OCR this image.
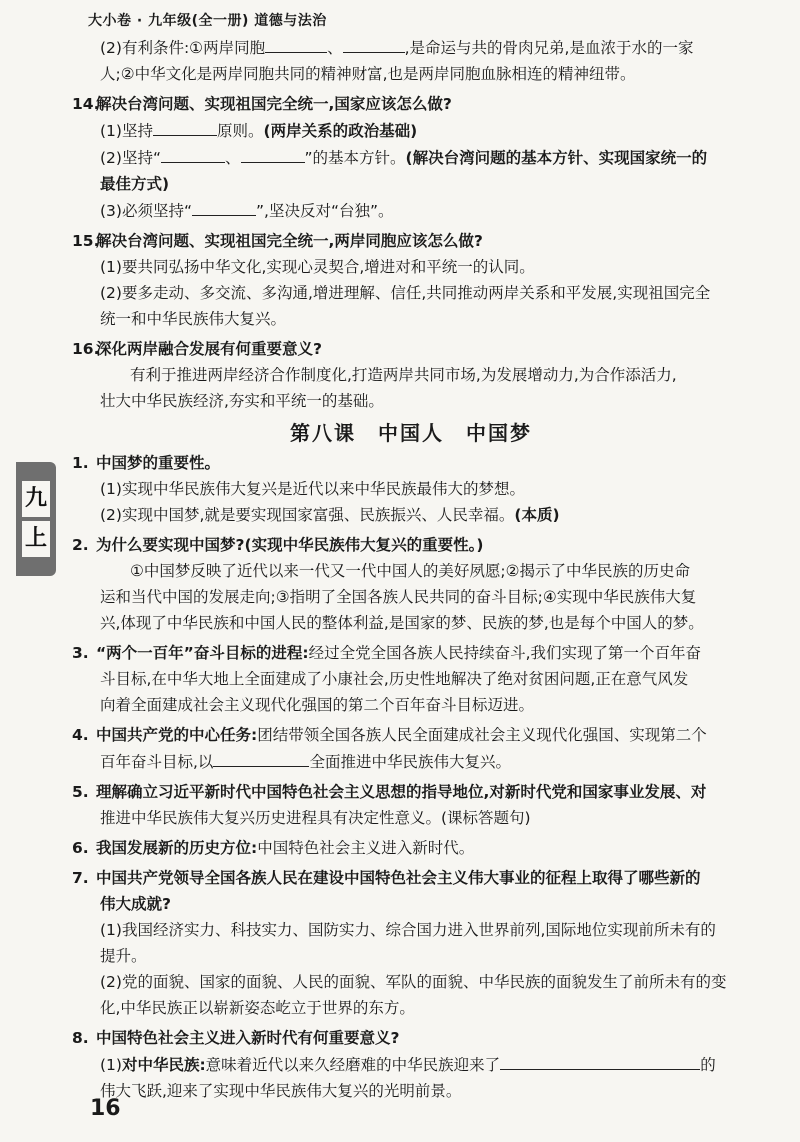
大小卷 · 九年级(全一册) 道德与法治
九
上
(2)有利条件:①两岸同胞	、	,是命运与共的骨肉兄弟,是血浓于水的一家
人;②中华文化是两岸同胞共同的精神财富,也是两岸同胞血脉相连的精神纽带。
14.解决台湾问题、实现祖国完全统一,国家应该怎么做?
(1)坚持	原则。(两岸关系的政治基础)
(2)坚持“	、	”的基本方针。(解决台湾问题的基本方针、实现国家统一的
最佳方式)
(3)必须坚持“	”,坚决反对“台独”。
15.解决台湾问题、实现祖国完全统一,两岸同胞应该怎么做?
(1)要共同弘扬中华文化,实现心灵契合,增进对和平统一的认同。
(2)要多走动、多交流、多沟通,增进理解、信任,共同推动两岸关系和平发展,实现祖国完全
统一和中华民族伟大复兴。
16.深化两岸融合发展有何重要意义?
有利于推进两岸经济合作制度化,打造两岸共同市场,为发展增动力,为合作添活力,
壮大中华民族经济,夯实和平统一的基础。
第八课　中国人　中国梦
1. 中国梦的重要性。
(1)实现中华民族伟大复兴是近代以来中华民族最伟大的梦想。
(2)实现中国梦,就是要实现国家富强、民族振兴、人民幸福。(本质)
2. 为什么要实现中国梦?(实现中华民族伟大复兴的重要性。)
①中国梦反映了近代以来一代又一代中国人的美好夙愿;②揭示了中华民族的历史命
运和当代中国的发展走向;③指明了全国各族人民共同的奋斗目标;④实现中华民族伟大复
兴,体现了中华民族和中国人民的整体利益,是国家的梦、民族的梦,也是每个中国人的梦。
3. “两个一百年”奋斗目标的进程:经过全党全国各族人民持续奋斗,我们实现了第一个百年奋
斗目标,在中华大地上全面建成了小康社会,历史性地解决了绝对贫困问题,正在意气风发
向着全面建成社会主义现代化强国的第二个百年奋斗目标迈进。
4. 中国共产党的中心任务:团结带领全国各族人民全面建成社会主义现代化强国、实现第二个
百年奋斗目标,以	全面推进中华民族伟大复兴。
5. 理解确立习近平新时代中国特色社会主义思想的指导地位,对新时代党和国家事业发展、对
推进中华民族伟大复兴历史进程具有决定性意义。(课标答题句)
6. 我国发展新的历史方位:中国特色社会主义进入新时代。
7. 中国共产党领导全国各族人民在建设中国特色社会主义伟大事业的征程上取得了哪些新的
伟大成就?
(1)我国经济实力、科技实力、国防实力、综合国力进入世界前列,国际地位实现前所未有的
提升。
(2)党的面貌、国家的面貌、人民的面貌、军队的面貌、中华民族的面貌发生了前所未有的变
化,中华民族正以崭新姿态屹立于世界的东方。
8. 中国特色社会主义进入新时代有何重要意义?
(1)对中华民族:意味着近代以来久经磨难的中华民族迎来了	的
伟大飞跃,迎来了实现中华民族伟大复兴的光明前景。
16
